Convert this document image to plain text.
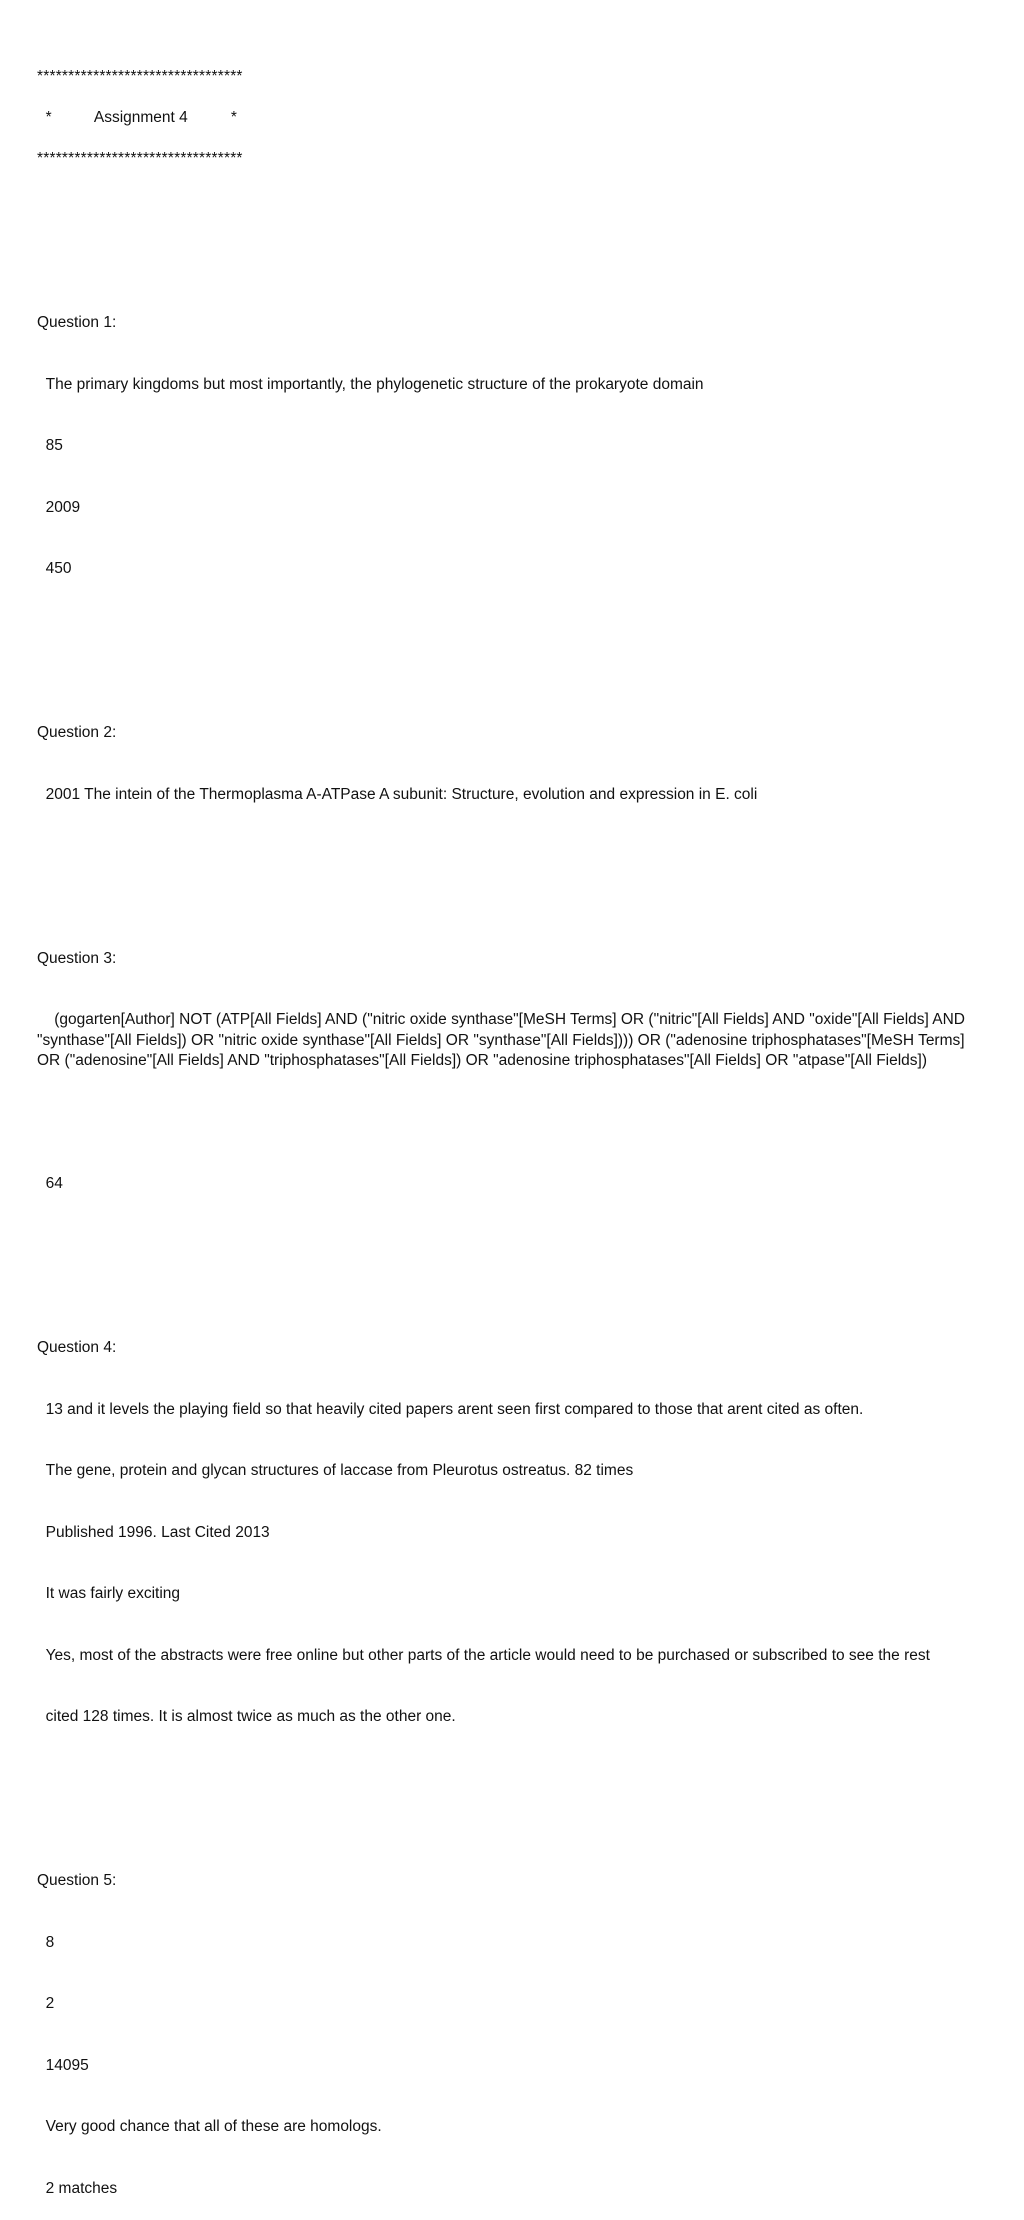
*********************************

*          Assignment 4          *

*********************************

Question 1:

The primary kingdoms but most importantly, the phylogenetic structure of the prokaryote domain

85

2009

450

Question 2:

2001 The intein of the Thermoplasma A-ATPase A subunit: Structure, evolution and expression in E. coli

Question 3:

(gogarten[Author] NOT (ATP[All Fields] AND ("nitric oxide synthase"[MeSH Terms] OR ("nitric"[All Fields] AND "oxide"[All Fields] AND "synthase"[All Fields]) OR "nitric oxide synthase"[All Fields] OR "synthase"[All Fields]))) OR ("adenosine triphosphatases"[MeSH Terms] OR ("adenosine"[All Fields] AND "triphosphatases"[All Fields]) OR "adenosine triphosphatases"[All Fields] OR "atpase"[All Fields])

64

Question 4:

13 and it levels the playing field so that heavily cited papers arent seen first compared to those that arent cited as often.

The gene, protein and glycan structures of laccase from Pleurotus ostreatus. 82 times

Published 1996. Last Cited 2013

It was fairly exciting

Yes, most of the abstracts were free online but other parts of the article would need to be purchased or subscribed to see the rest

cited 128 times. It is almost twice as much as the other one.

Question 5:

8

2

14095

Very good chance that all of these are homologs.

2 matches
